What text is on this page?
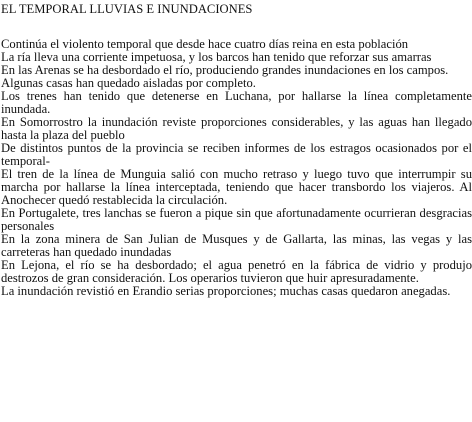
EL TEMPORAL LLUVIAS E INUNDACIONES

Continúa el violento temporal que desde hace cuatro días reina en esta población

La ría lleva una corriente impetuosa, y los barcos han tenido que reforzar sus amarras

En las Arenas se ha desbordado el río, produciendo grandes inundaciones en los campos.

Algunas casas han quedado aisladas por completo.

Los trenes han tenido que detenerse en Luchana, por hallarse la línea completamente inundada.

En Somorrostro la inundación reviste proporciones considerables, y las aguas han llegado hasta la plaza del pueblo

De distintos puntos de la provincia se reciben informes de los estragos ocasionados por el temporal-

El tren de la línea de Munguia salió con mucho retraso y luego tuvo que interrumpir su marcha por hallarse la línea interceptada, teniendo que hacer transbordo los viajeros. Al Anochecer quedó restablecida la circulación.

En Portugalete, tres lanchas se fueron a pique sin que afortunadamente ocurrieran desgracias personales

En la zona minera de San Julian de Musques y de Gallarta, las minas, las vegas y las carreteras han quedado inundadas

En Lejona, el río se ha desbordado; el agua penetró en la fábrica de vidrio y produjo destrozos de gran consideración. Los operarios tuvieron que huir apresuradamente.

La inundación revistió en Erandio serias proporciones; muchas casas quedaron anegadas.
